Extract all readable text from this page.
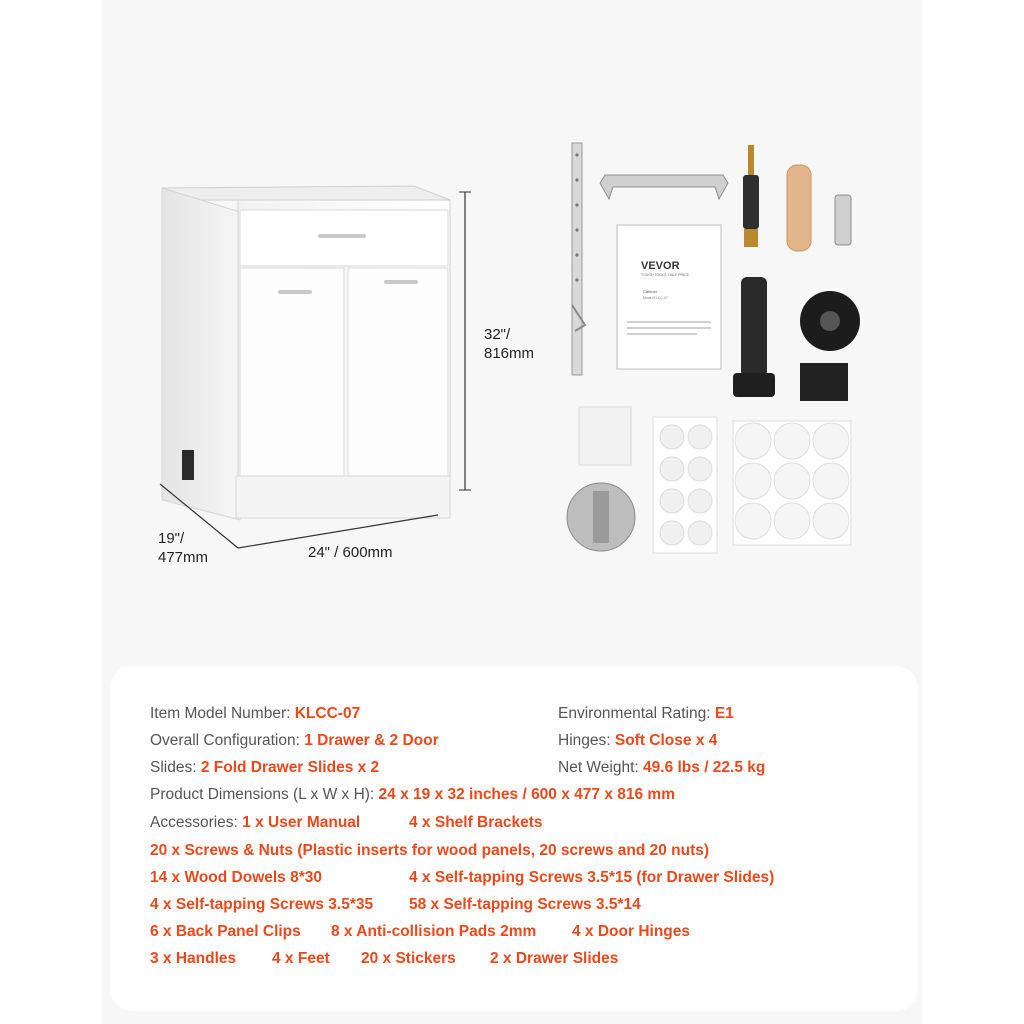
32"/
816mm
19"/
477mm	24" / 600mm
VEVOR
TOUGH TOOLS, HALF PRICE
Cabinet
Model:KLCC-07
Item Model Number: KLCC-07	Environmental Rating: E1
Overall Configuration: 1 Drawer & 2 Door	Hinges: Soft Close x 4
Slides: 2 Fold Drawer Slides x 2	Net Weight: 49.6 lbs / 22.5 kg
Product Dimensions (L x W x H): 24 x 19 x 32 inches / 600 x 477 x 816 mm
Accessories: 1 x User Manual	4 x Shelf Brackets
20 x Screws & Nuts (Plastic inserts for wood panels, 20 screws and 20 nuts)
14 x Wood Dowels 8*30	4 x Self-tapping Screws 3.5*15 (for Drawer Slides)
4 x Self-tapping Screws 3.5*35 58 x Self-tapping Screws 3.5*14
6 x Back Panel Clips 8 x Anti-collision Pads 2mm 4 x Door Hinges
3 x Handles 4 x Feet 20 x Stickers 2 x Drawer Slides
